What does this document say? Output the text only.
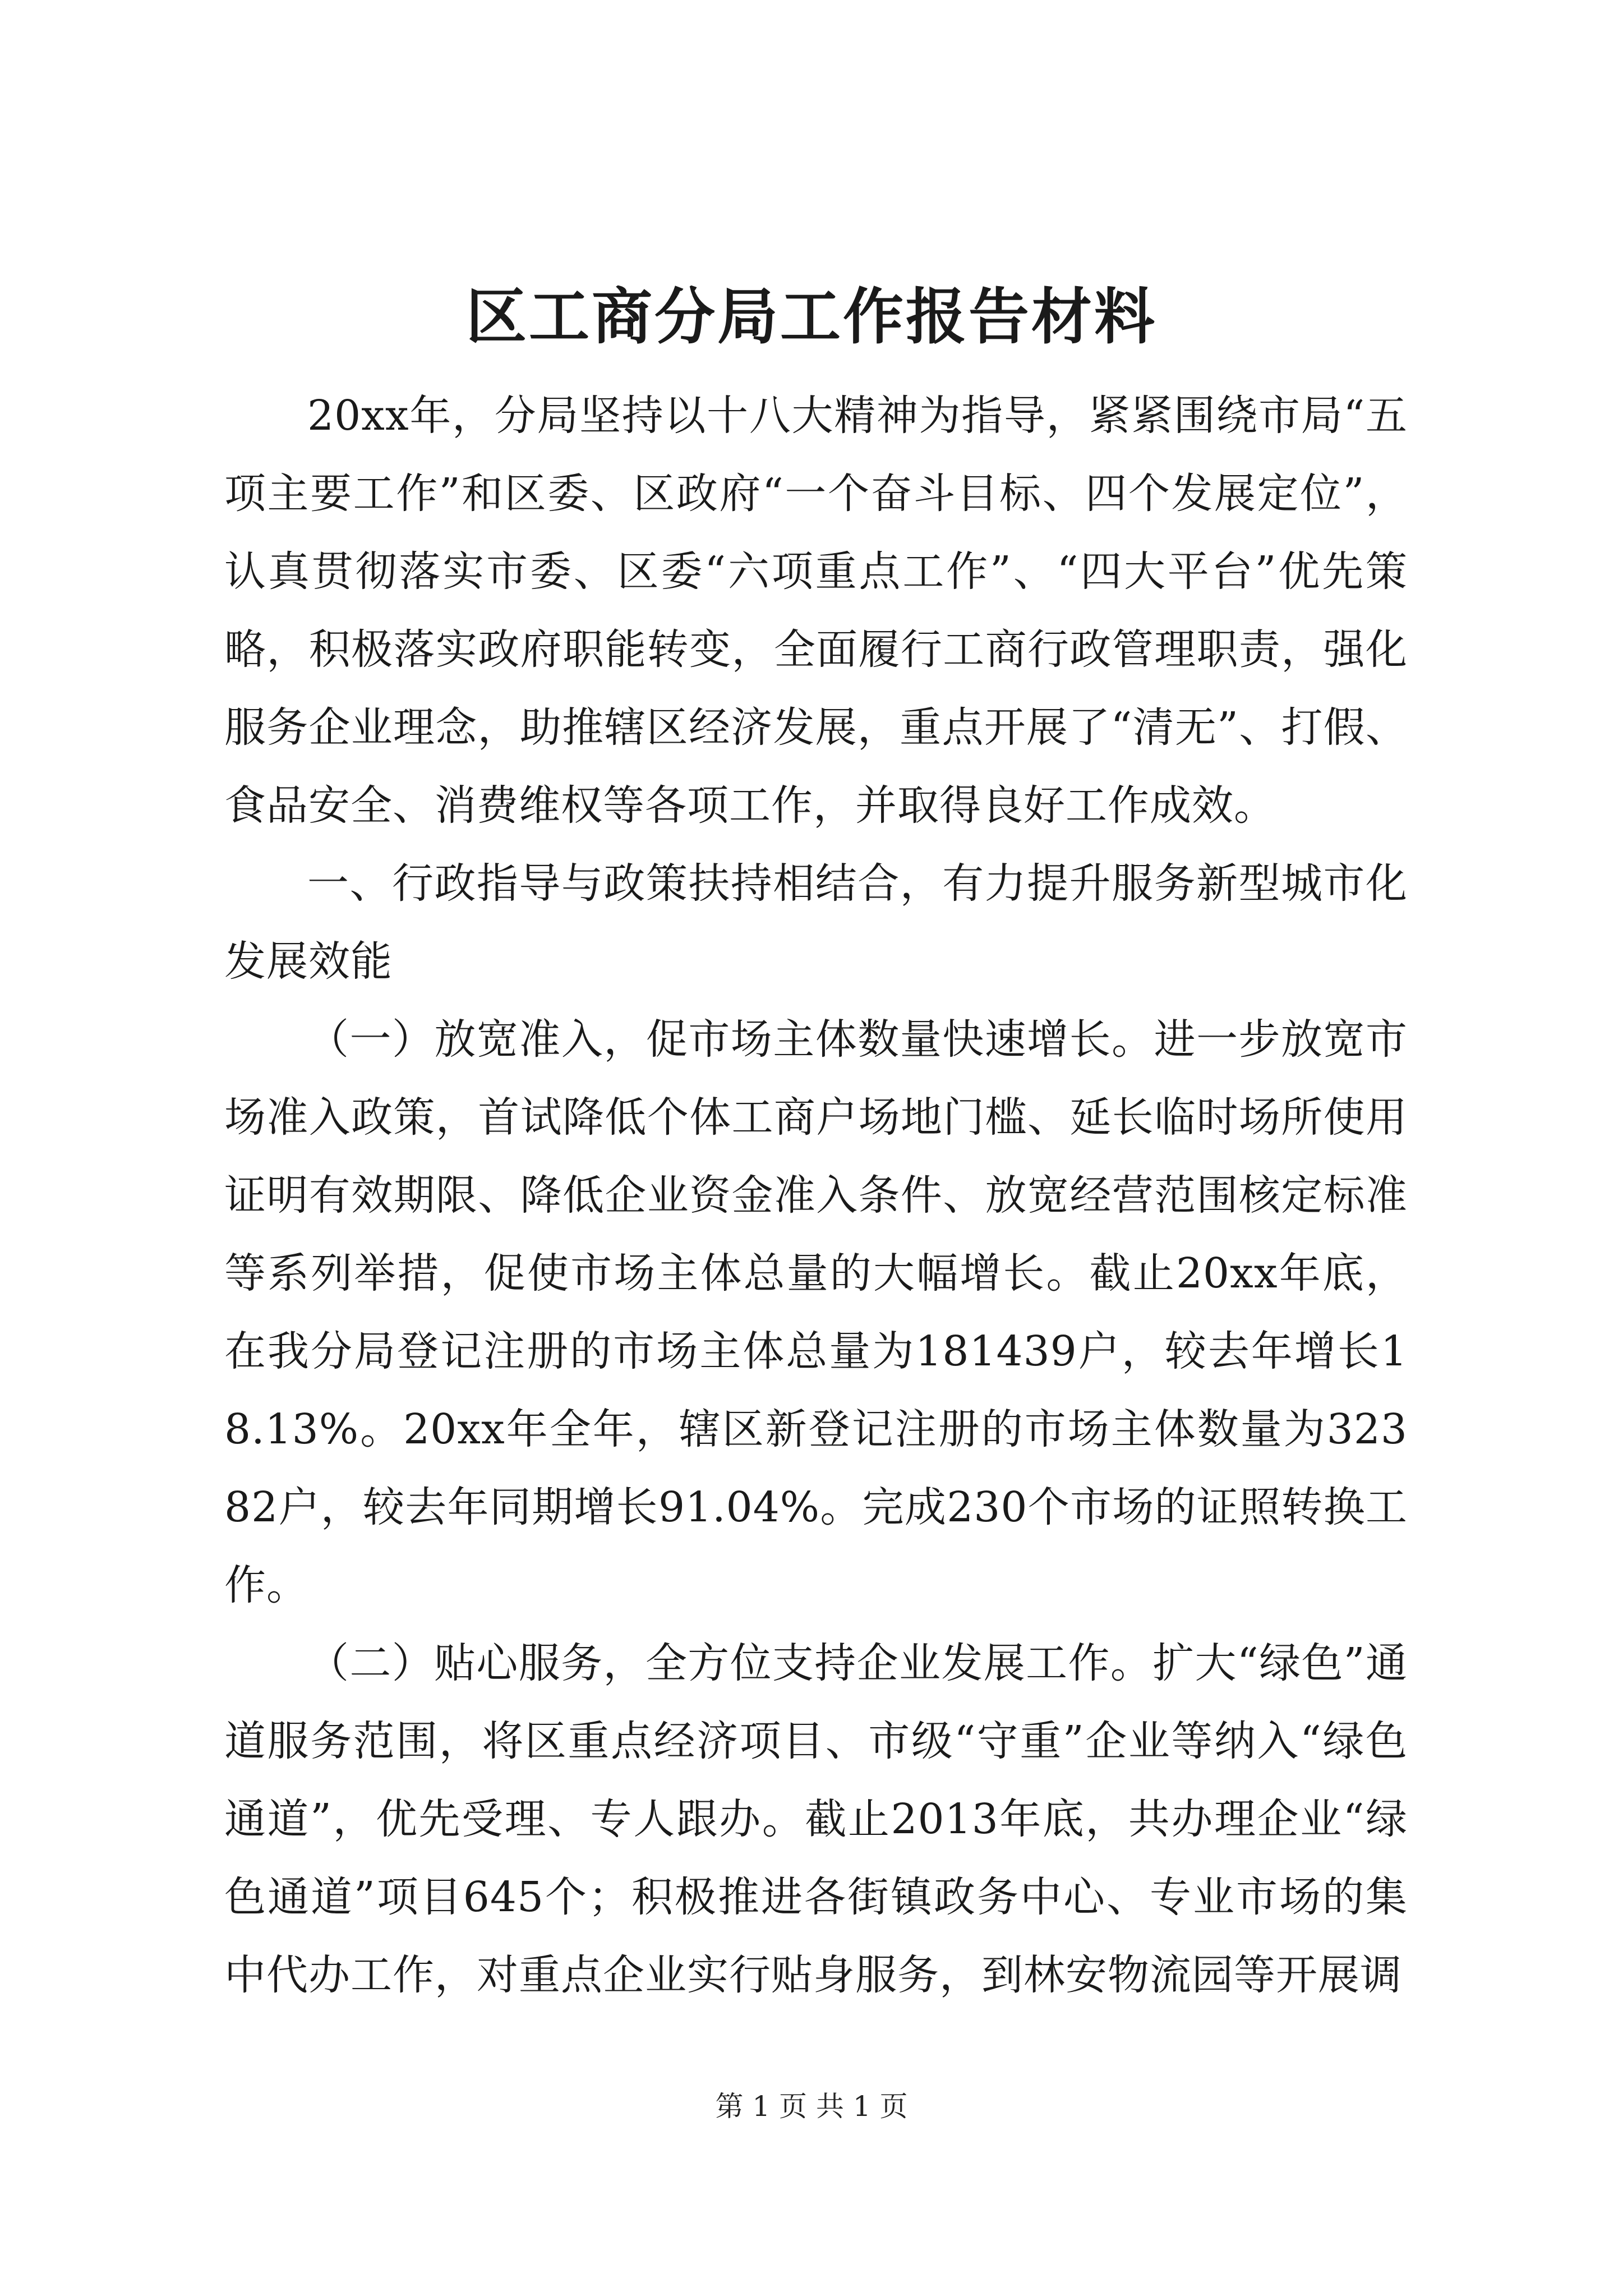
区工商分局工作报告材料

20xx年，分局坚持以十八大精神为指导，紧紧围绕市局“五项主要工作”和区委、区政府“一个奋斗目标、四个发展定位”，认真贯彻落实市委、区委“六项重点工作”、“四大平台”优先策略，积极落实政府职能转变，全面履行工商行政管理职责，强化服务企业理念，助推辖区经济发展，重点开展了“清无”、打假、食品安全、消费维权等各项工作，并取得良好工作成效。

一、行政指导与政策扶持相结合，有力提升服务新型城市化发展效能

（一）放宽准入，促市场主体数量快速增长。进一步放宽市场准入政策，首试降低个体工商户场地门槛、延长临时场所使用证明有效期限、降低企业资金准入条件、放宽经营范围核定标准等系列举措，促使市场主体总量的大幅增长。截止20xx年底，在我分局登记注册的市场主体总量为181439户，较去年增长18.13%。20xx年全年，辖区新登记注册的市场主体数量为32382户，较去年同期增长91.04%。完成230个市场的证照转换工作。

（二）贴心服务，全方位支持企业发展工作。扩大“绿色”通道服务范围，将区重点经济项目、市级“守重”企业等纳入“绿色通道”，优先受理、专人跟办。截止2013年底，共办理企业“绿色通道”项目645个；积极推进各街镇政务中心、专业市场的集中代办工作，对重点企业实行贴身服务，到林安物流园等开展调

第 1 页 共 1 页
